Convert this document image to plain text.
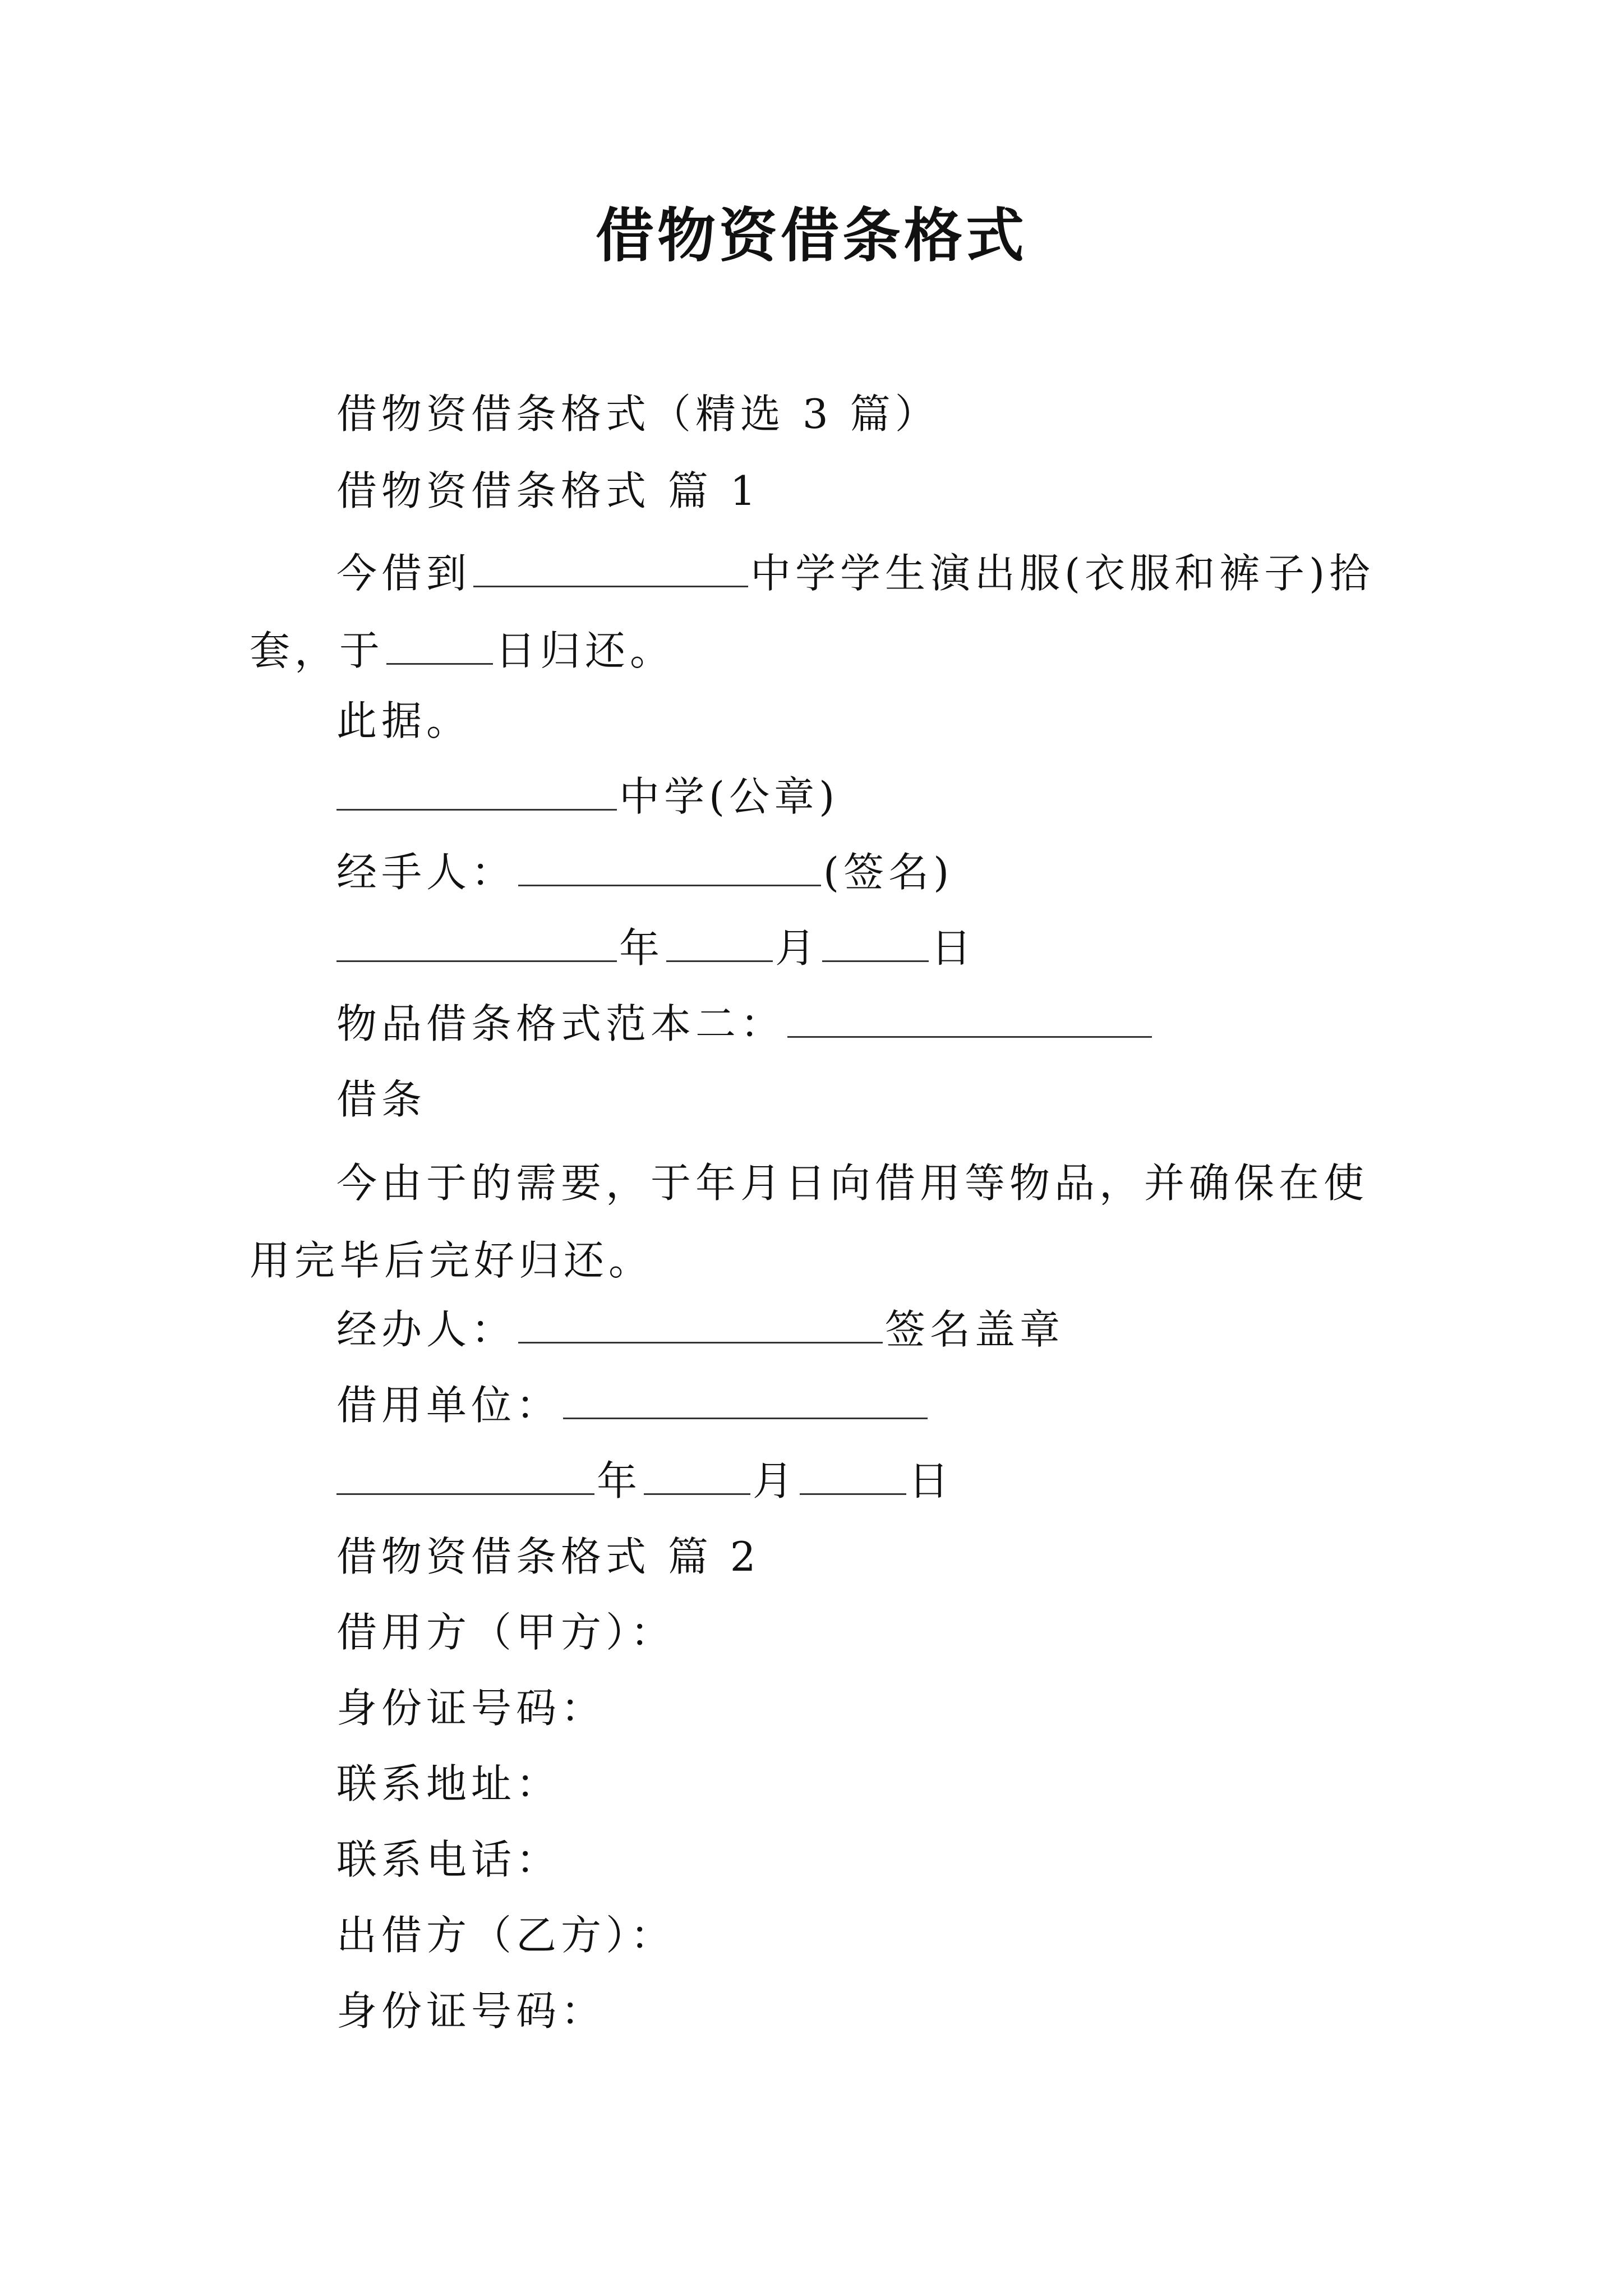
借物资借条格式
借物资借条格式（精选 3 篇）
借物资借条格式 篇 1
今借到	中学学生演出服(衣服和裤子)拾套，于	日归还。
此据。
中学(公章)
经手人：	(签名)
年	月	日
物品借条格式范本二：
借条
今由于的需要，于年月日向借用等物品，并确保在使用完毕后完好归还。
经办人：	签名盖章
借用单位：
年	月	日
借物资借条格式 篇 2
借用方（甲方）：
身份证号码：
联系地址：
联系电话：
出借方（乙方）：
身份证号码：
